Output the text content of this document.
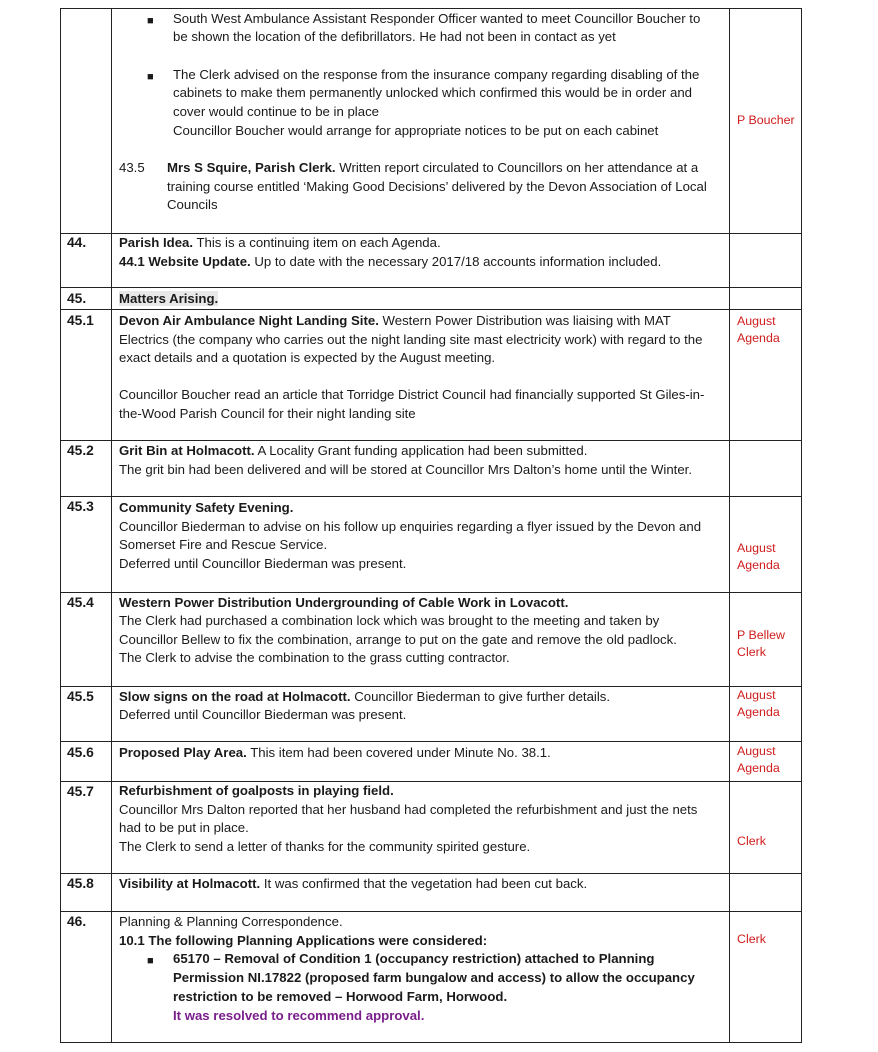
■ South West Ambulance Assistant Responder Officer wanted to meet Councillor Boucher to
be shown the location of the defibrillators. He had not been in contact as yet
■ The Clerk advised on the response from the insurance company regarding disabling of the
cabinets to make them permanently unlocked which confirmed this would be in order and
cover would continue to be in place
Councillor Boucher would arrange for appropriate notices to be put on each cabinet
P Boucher
43.5 Mrs S Squire, Parish Clerk. Written report circulated to Councillors on her attendance at a
training course entitled ‘Making Good Decisions’ delivered by the Devon Association of Local
Councils
44. Parish Idea. This is a continuing item on each Agenda.
44.1 Website Update. Up to date with the necessary 2017/18 accounts information included.
45. Matters Arising.
45.1 Devon Air Ambulance Night Landing Site. Western Power Distribution was liaising with MAT
Electrics (the company who carries out the night landing site mast electricity work) with regard to the
exact details and a quotation is expected by the August meeting.
Councillor Boucher read an article that Torridge District Council had financially supported St Giles-in-
the-Wood Parish Council for their night landing site
August
Agenda
45.2 Grit Bin at Holmacott. A Locality Grant funding application had been submitted.
The grit bin had been delivered and will be stored at Councillor Mrs Dalton’s home until the Winter.
45.3 Community Safety Evening.
Councillor Biederman to advise on his follow up enquiries regarding a flyer issued by the Devon and
Somerset Fire and Rescue Service.
Deferred until Councillor Biederman was present.
August
Agenda
45.4 Western Power Distribution Undergrounding of Cable Work in Lovacott.
The Clerk had purchased a combination lock which was brought to the meeting and taken by
Councillor Bellew to fix the combination, arrange to put on the gate and remove the old padlock.
The Clerk to advise the combination to the grass cutting contractor.
P Bellew
Clerk
45.5 Slow signs on the road at Holmacott. Councillor Biederman to give further details.
Deferred until Councillor Biederman was present.
August
Agenda
45.6 Proposed Play Area. This item had been covered under Minute No. 38.1.	August
Agenda
45.7 Refurbishment of goalposts in playing field.
Councillor Mrs Dalton reported that her husband had completed the refurbishment and just the nets
had to be put in place.
The Clerk to send a letter of thanks for the community spirited gesture.	Clerk
45.8 Visibility at Holmacott. It was confirmed that the vegetation had been cut back.
46. Planning & Planning Correspondence.
10.1 The following Planning Applications were considered:
■ 65170 – Removal of Condition 1 (occupancy restriction) attached to Planning
Permission NI.17822 (proposed farm bungalow and access) to allow the occupancy
restriction to be removed – Horwood Farm, Horwood.
It was resolved to recommend approval.
Clerk
